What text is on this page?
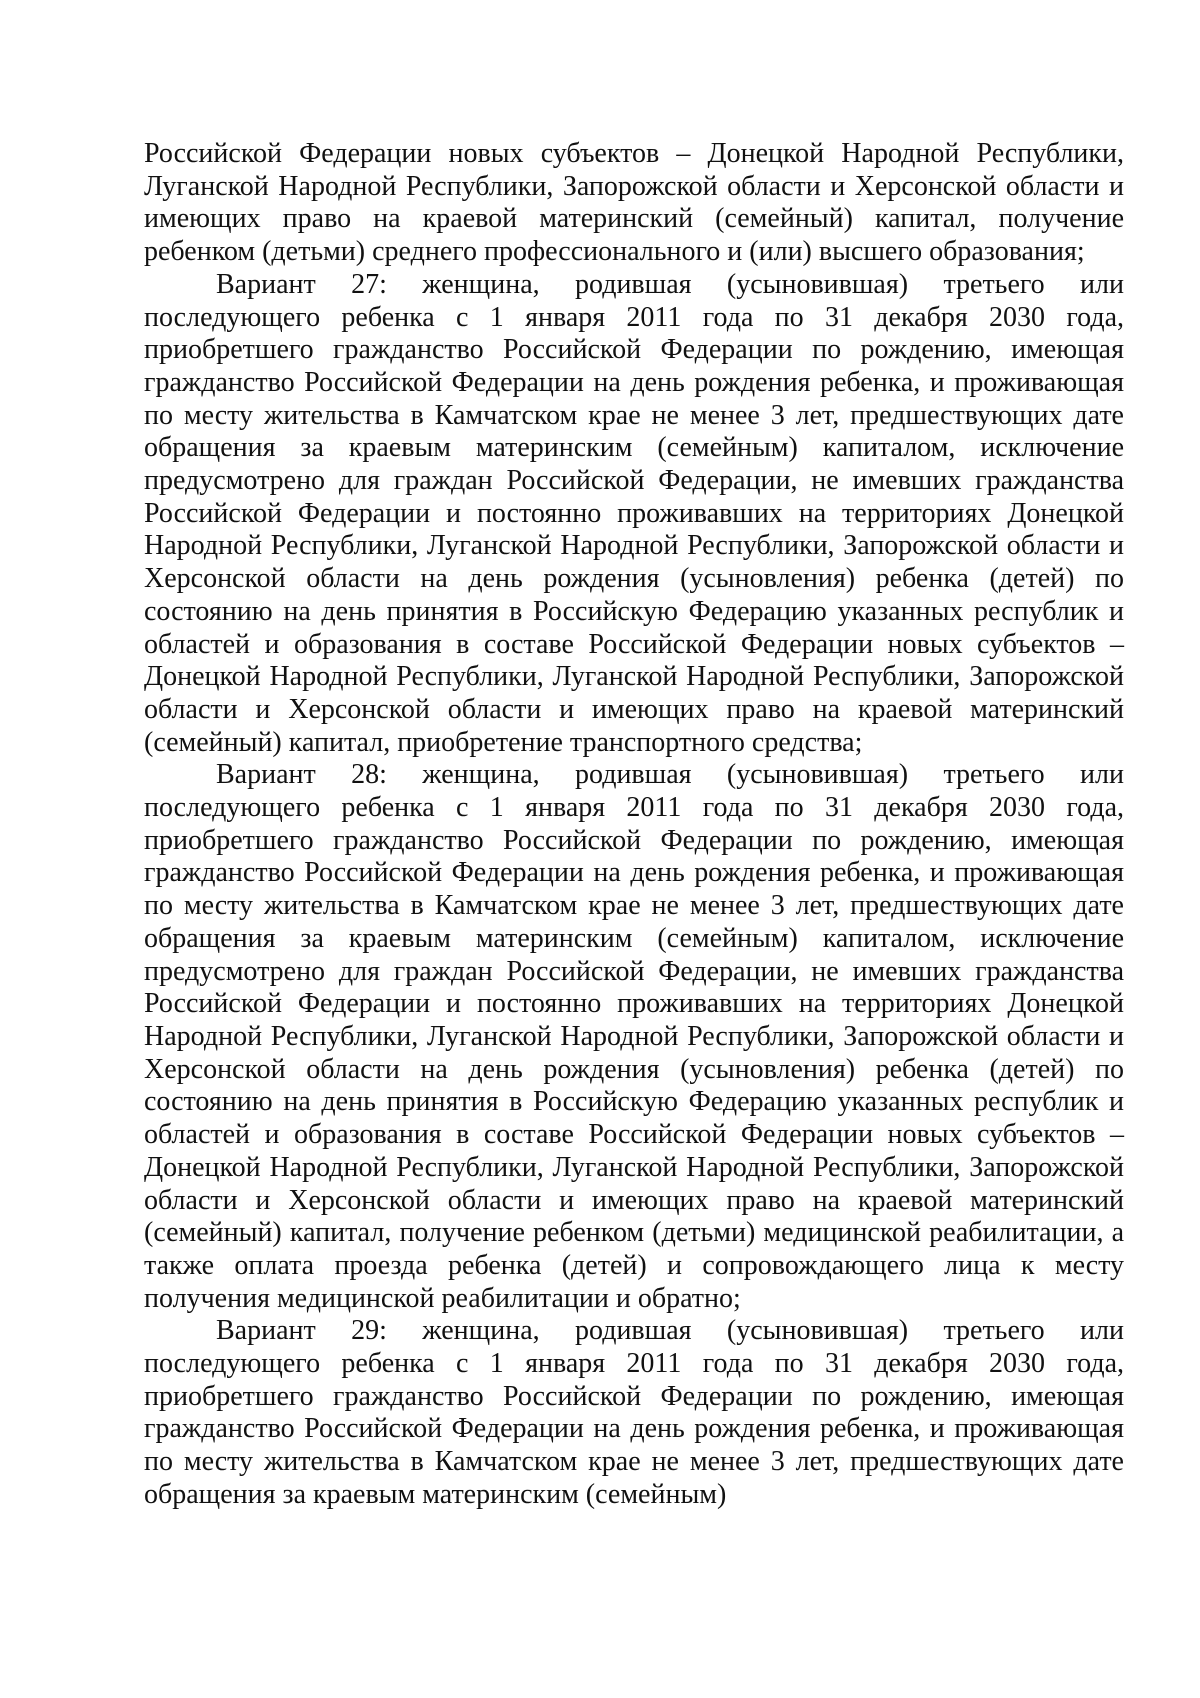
Российской Федерации новых субъектов – Донецкой Народной Республики, Луганской Народной Республики, Запорожской области и Херсонской области и имеющих право на краевой материнский (семейный) капитал, получение ребенком (детьми) среднего профессионального и (или) высшего образования;

Вариант 27: женщина, родившая (усыновившая) третьего или последующего ребенка с 1 января 2011 года по 31 декабря 2030 года, приобретшего гражданство Российской Федерации по рождению, имеющая гражданство Российской Федерации на день рождения ребенка, и проживающая по месту жительства в Камчатском крае не менее 3 лет, предшествующих дате обращения за краевым материнским (семейным) капиталом, исключение предусмотрено для граждан Российской Федерации, не имевших гражданства Российской Федерации и постоянно проживавших на территориях Донецкой Народной Республики, Луганской Народной Республики, Запорожской области и Херсонской области на день рождения (усыновления) ребенка (детей) по состоянию на день принятия в Российскую Федерацию указанных республик и областей и образования в составе Российской Федерации новых субъектов – Донецкой Народной Республики, Луганской Народной Республики, Запорожской области и Херсонской области и имеющих право на краевой материнский (семейный) капитал, приобретение транспортного средства;

Вариант 28: женщина, родившая (усыновившая) третьего или последующего ребенка с 1 января 2011 года по 31 декабря 2030 года, приобретшего гражданство Российской Федерации по рождению, имеющая гражданство Российской Федерации на день рождения ребенка, и проживающая по месту жительства в Камчатском крае не менее 3 лет, предшествующих дате обращения за краевым материнским (семейным) капиталом, исключение предусмотрено для граждан Российской Федерации, не имевших гражданства Российской Федерации и постоянно проживавших на территориях Донецкой Народной Республики, Луганской Народной Республики, Запорожской области и Херсонской области на день рождения (усыновления) ребенка (детей) по состоянию на день принятия в Российскую Федерацию указанных республик и областей и образования в составе Российской Федерации новых субъектов – Донецкой Народной Республики, Луганской Народной Республики, Запорожской области и Херсонской области и имеющих право на краевой материнский (семейный) капитал, получение ребенком (детьми) медицинской реабилитации, а также оплата проезда ребенка (детей) и сопровождающего лица к месту получения медицинской реабилитации и обратно;

Вариант 29: женщина, родившая (усыновившая) третьего или последующего ребенка с 1 января 2011 года по 31 декабря 2030 года, приобретшего гражданство Российской Федерации по рождению, имеющая гражданство Российской Федерации на день рождения ребенка, и проживающая по месту жительства в Камчатском крае не менее 3 лет, предшествующих дате обращения за краевым материнским (семейным)
